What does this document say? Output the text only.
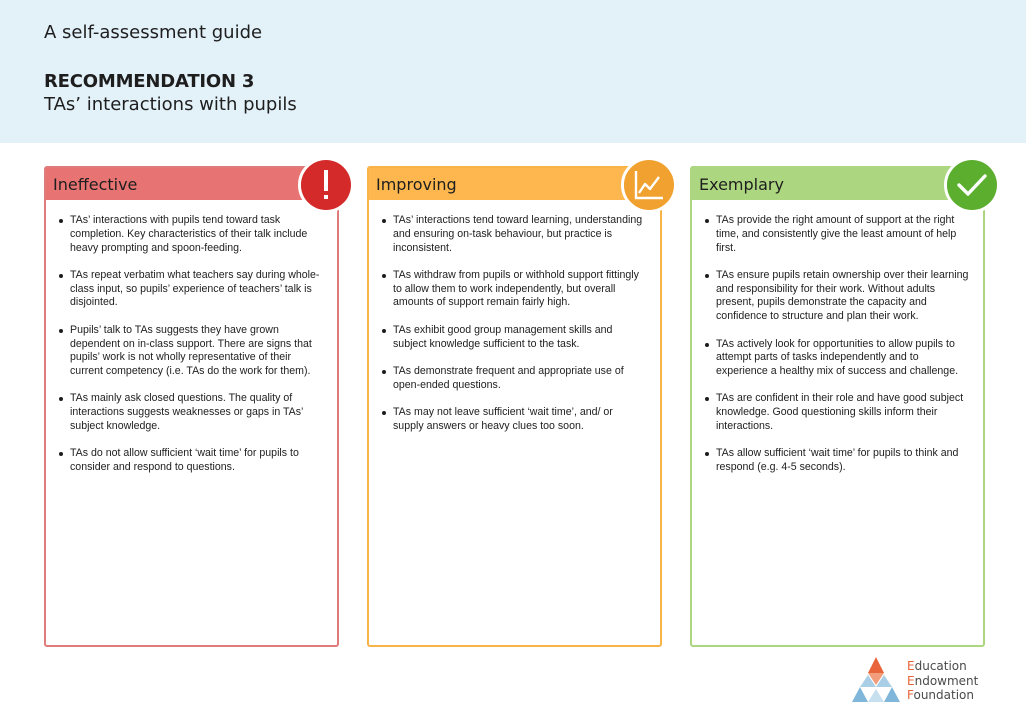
A self-assessment guide
RECOMMENDATION 3
TAs’ interactions with pupils
Ineffective
TAs’ interactions with pupils tend toward task completion. Key characteristics of their talk include heavy prompting and spoon-feeding.
TAs repeat verbatim what teachers say during whole-class input, so pupils’ experience of teachers’ talk is disjointed.
Pupils’ talk to TAs suggests they have grown dependent on in-class support. There are signs that pupils’ work is not wholly representative of their current competency (i.e. TAs do the work for them).
TAs mainly ask closed questions. The quality of interactions suggests weaknesses or gaps in TAs’ subject knowledge.
TAs do not allow sufficient ‘wait time’ for pupils to consider and respond to questions.
Improving
TAs’ interactions tend toward learning, understanding and ensuring on-task behaviour, but practice is inconsistent.
TAs withdraw from pupils or withhold support fittingly to allow them to work independently, but overall amounts of support remain fairly high.
TAs exhibit good group management skills and subject knowledge sufficient to the task.
TAs demonstrate frequent and appropriate use of open-ended questions.
TAs may not leave sufficient ‘wait time’, and/ or supply answers or heavy clues too soon.
Exemplary
TAs provide the right amount of support at the right time, and consistently give the least amount of help first.
TAs ensure pupils retain ownership over their learning and responsibility for their work. Without adults present, pupils demonstrate the capacity and confidence to structure and plan their work.
TAs actively look for opportunities to allow pupils to attempt parts of tasks independently and to experience a healthy mix of success and challenge.
TAs are confident in their role and have good subject knowledge. Good questioning skills inform their interactions.
TAs allow sufficient ‘wait time’ for pupils to think and respond (e.g. 4-5 seconds).
Education
Endowment
Foundation
